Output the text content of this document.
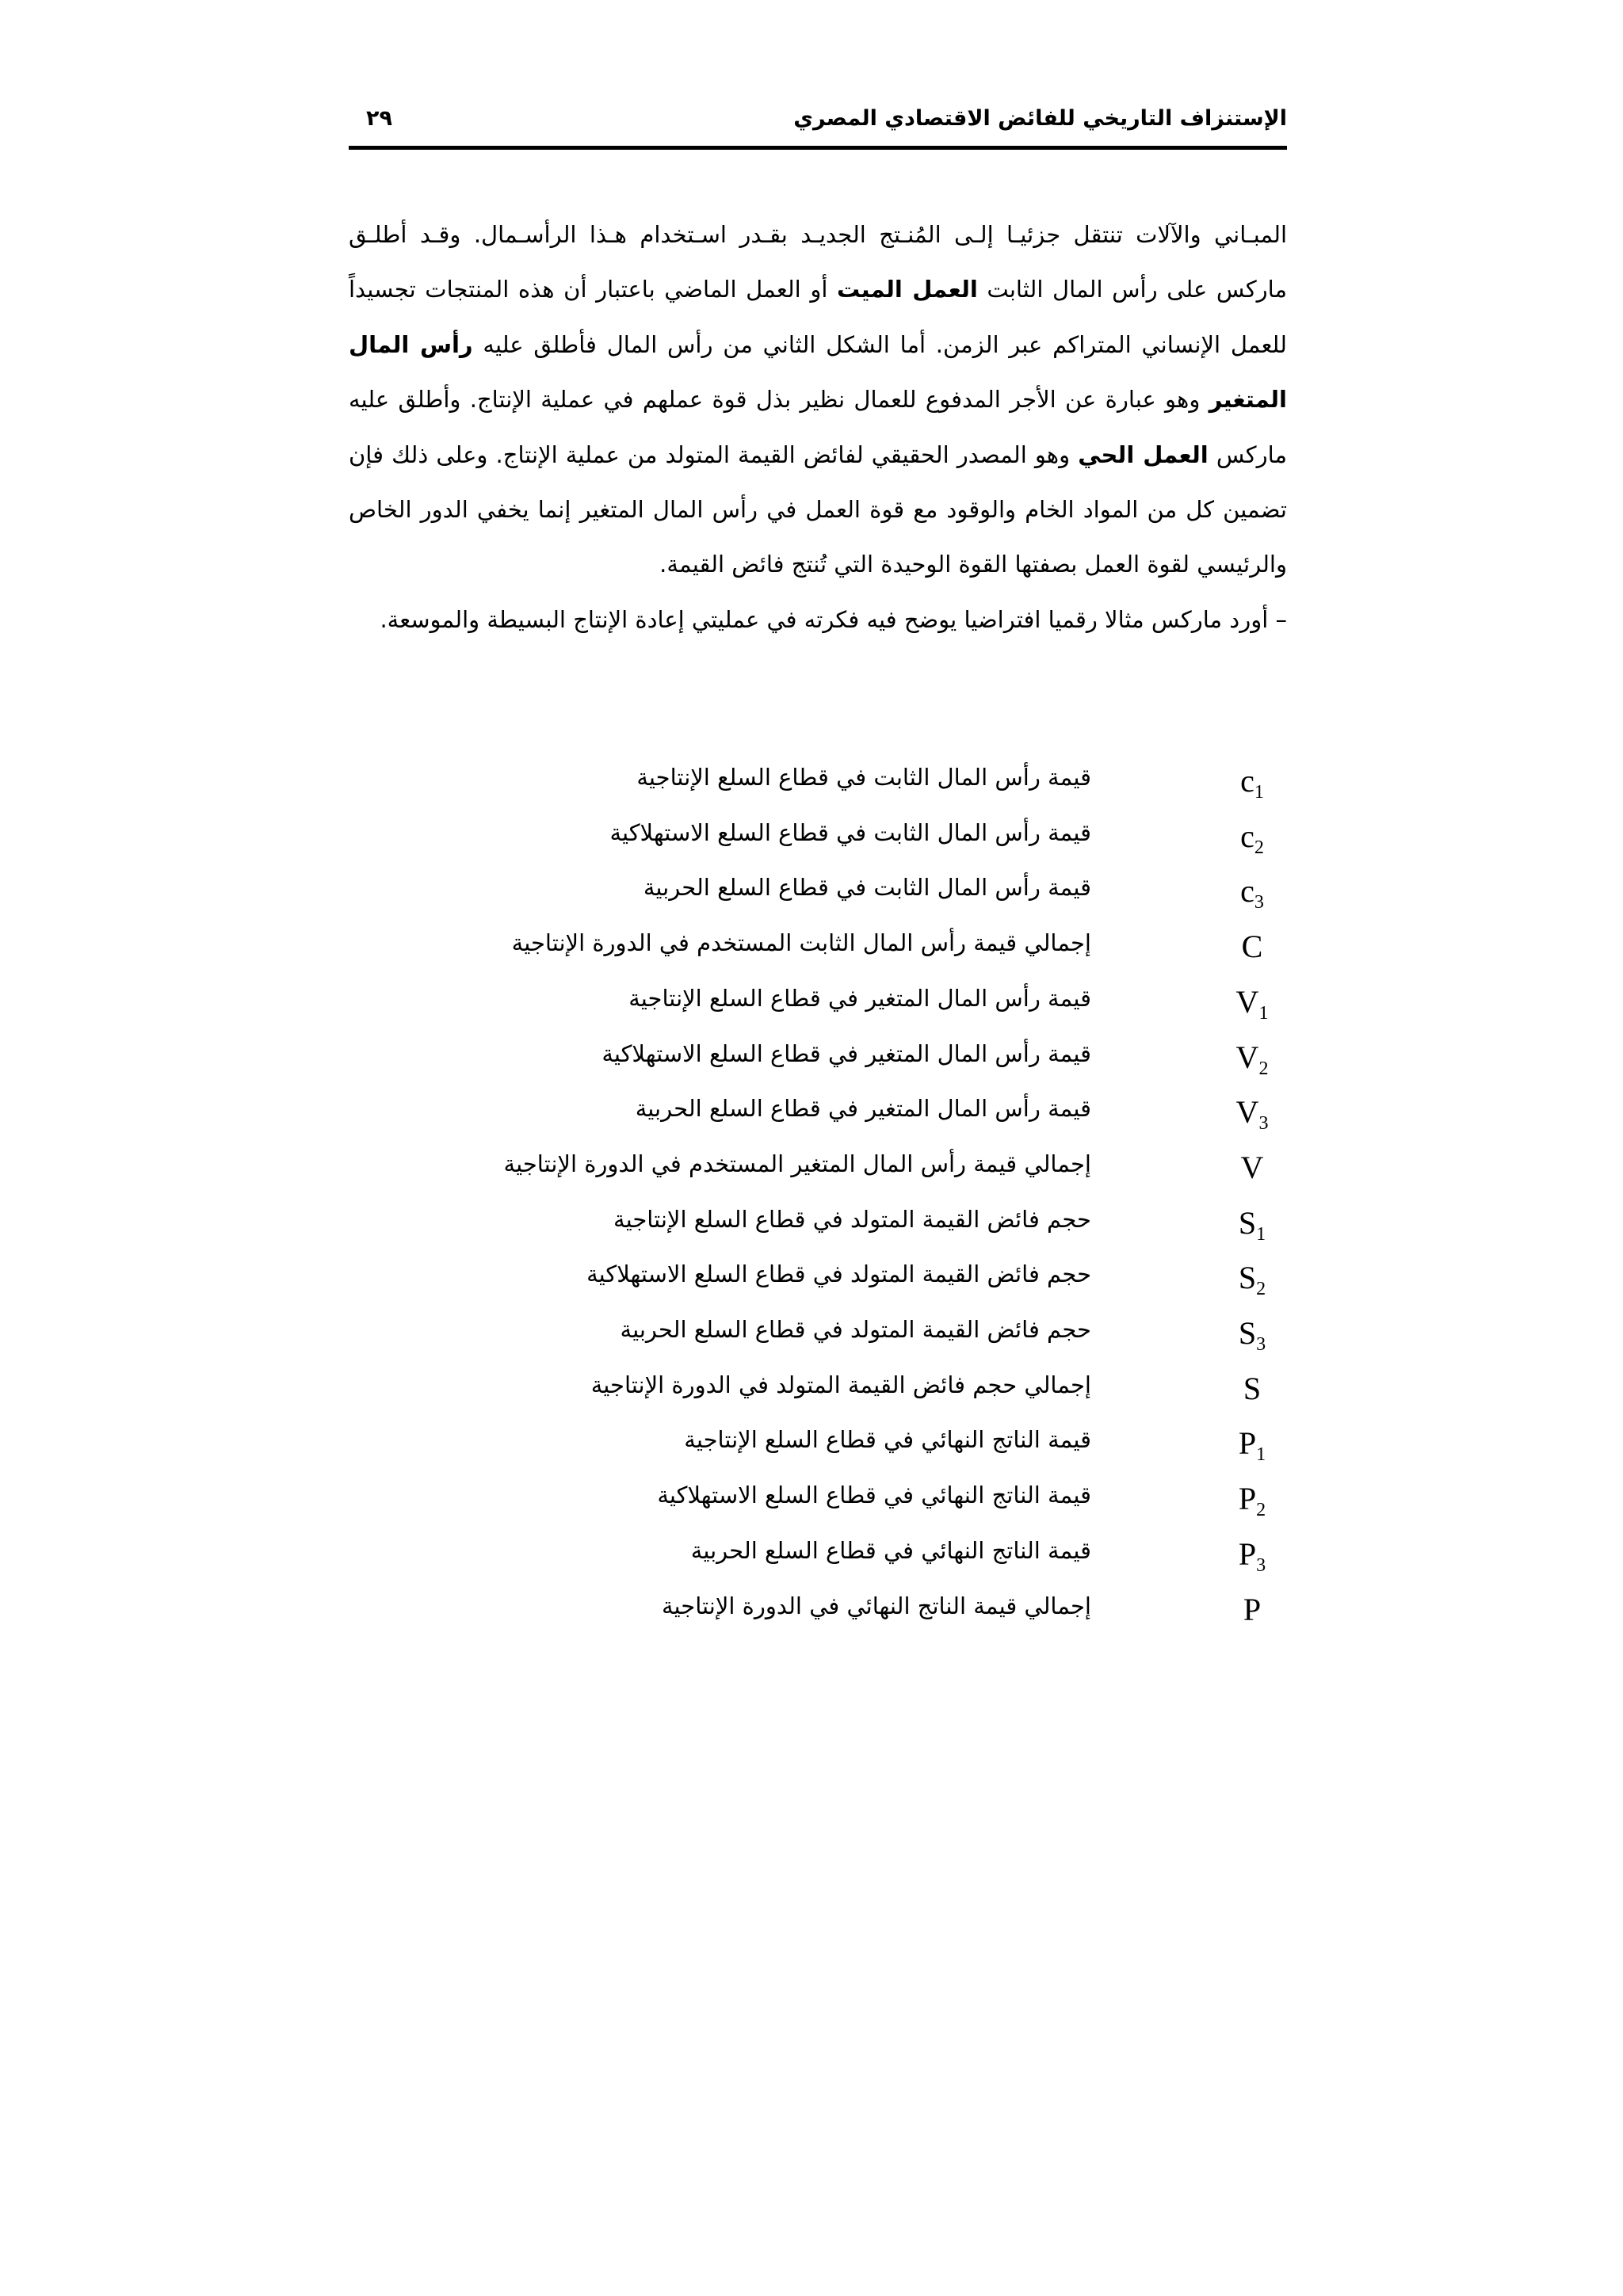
الإستنزاف التاريخي للفائض الاقتصادي المصري
٢٩

المبـاني والآلات تنتقل جزئيـا إلـى المُنـتج الجديـد بقـدر اسـتخدام هـذا الرأسـمال. وقـد أطلـق ماركس على رأس المال الثابت العمل الميت أو العمل الماضي باعتبار أن هذه المنتجات تجسيداً للعمل الإنساني المتراكم عبر الزمن. أما الشكل الثاني من رأس المال فأطلق عليه رأس المال المتغير وهو عبارة عن الأجر المدفوع للعمال نظير بذل قوة عملهم في عملية الإنتاج. وأطلق عليه ماركس العمل الحي وهو المصدر الحقيقي لفائض القيمة المتولد من عملية الإنتاج. وعلى ذلك فإن تضمين كل من المواد الخام والوقود مع قوة العمل في رأس المال المتغير إنما يخفي الدور الخاص والرئيسي لقوة العمل بصفتها القوة الوحيدة التي تُنتج فائض القيمة.

– أورد ماركس مثالا رقميا افتراضيا يوضح فيه فكرته في عمليتي إعادة الإنتاج البسيطة والموسعة.

$c_1$
قيمة رأس المال الثابت في قطاع السلع الإنتاجية
$c_2$
قيمة رأس المال الثابت في قطاع السلع الاستهلاكية
$c_3$
قيمة رأس المال الثابت في قطاع السلع الحربية
C
إجمالي قيمة رأس المال الثابت المستخدم في الدورة الإنتاجية
$V_1$
قيمة رأس المال المتغير في قطاع السلع الإنتاجية
$V_2$
قيمة رأس المال المتغير في قطاع السلع الاستهلاكية
$V_3$
قيمة رأس المال المتغير في قطاع السلع الحربية
V
إجمالي قيمة رأس المال المتغير المستخدم في الدورة الإنتاجية
$S_1$
حجم فائض القيمة المتولد في قطاع السلع الإنتاجية
$S_2$
حجم فائض القيمة المتولد في قطاع السلع الاستهلاكية
$S_3$
حجم فائض القيمة المتولد في قطاع السلع الحربية
S
إجمالي حجم فائض القيمة المتولد في الدورة الإنتاجية
$P_1$
قيمة الناتج النهائي في قطاع السلع الإنتاجية
$P_2$
قيمة الناتج النهائي في قطاع السلع الاستهلاكية
$P_3$
قيمة الناتج النهائي في قطاع السلع الحربية
P
إجمالي قيمة الناتج النهائي في الدورة الإنتاجية
